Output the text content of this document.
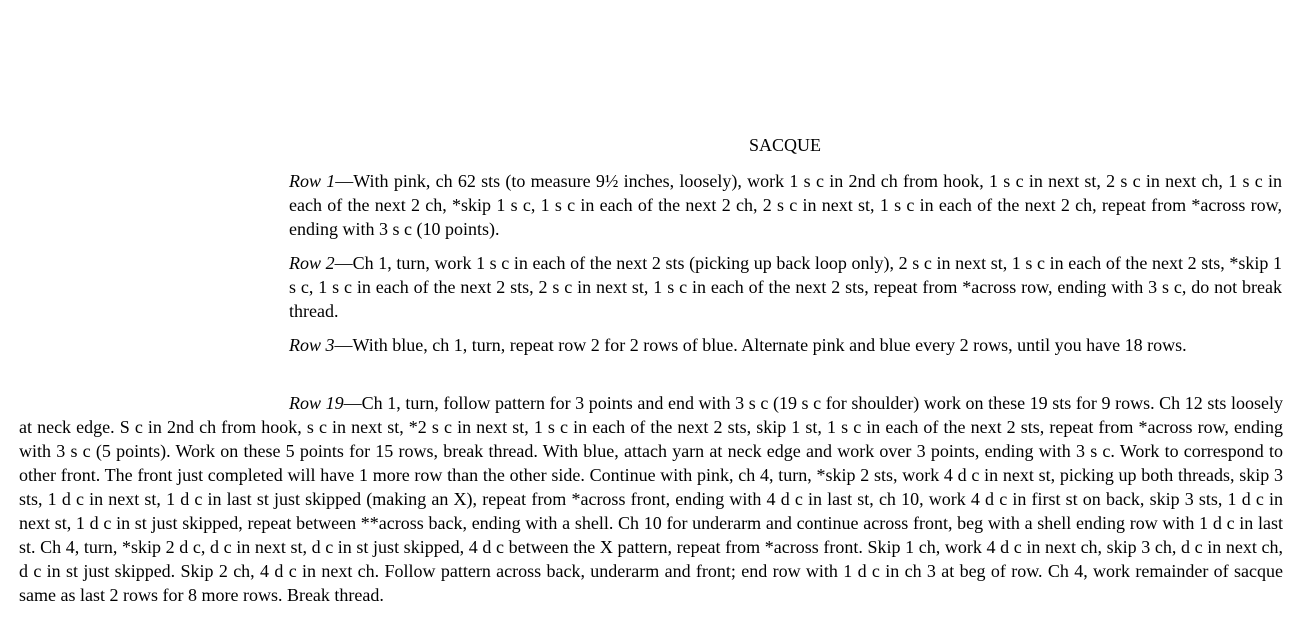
SACQUE

Row 1—With pink, ch 62 sts (to measure 9½ inches, loosely), work 1 s c in 2nd ch from hook, 1 s c in next st, 2 s c in next ch, 1 s c in each of the next 2 ch, *skip 1 s c, 1 s c in each of the next 2 ch, 2 s c in next st, 1 s c in each of the next 2 ch, repeat from *across row, ending with 3 s c (10 points).

Row 2—Ch 1, turn, work 1 s c in each of the next 2 sts (picking up back loop only), 2 s c in next st, 1 s c in each of the next 2 sts, *skip 1 s c, 1 s c in each of the next 2 sts, 2 s c in next st, 1 s c in each of the next 2 sts, repeat from *across row, ending with 3 s c, do not break thread.

Row 3—With blue, ch 1, turn, repeat row 2 for 2 rows of blue. Alternate pink and blue every 2 rows, until you have 18 rows.

Row 19—Ch 1, turn, follow pattern for 3 points and end with 3 s c (19 s c for shoulder) work on these 19 sts for 9 rows. Ch 12 sts loosely at neck edge. S c in 2nd ch from hook, s c in next st, *2 s c in next st, 1 s c in each of the next 2 sts, skip 1 st, 1 s c in each of the next 2 sts, repeat from *across row, ending with 3 s c (5 points). Work on these 5 points for 15 rows, break thread. With blue, attach yarn at neck edge and work over 3 points, ending with 3 s c. Work to correspond to other front. The front just completed will have 1 more row than the other side. Continue with pink, ch 4, turn, *skip 2 sts, work 4 d c in next st, picking up both threads, skip 3 sts, 1 d c in next st, 1 d c in last st just skipped (making an X), repeat from *across front, ending with 4 d c in last st, ch 10, work 4 d c in first st on back, skip 3 sts, 1 d c in next st, 1 d c in st just skipped, repeat between **across back, ending with a shell. Ch 10 for underarm and continue across front, beg with a shell ending row with 1 d c in last st. Ch 4, turn, *skip 2 d c, d c in next st, d c in st just skipped, 4 d c between the X pattern, repeat from *across front. Skip 1 ch, work 4 d c in next ch, skip 3 ch, d c in next ch, d c in st just skipped. Skip 2 ch, 4 d c in next ch. Follow pattern across back, underarm and front; end row with 1 d c in ch 3 at beg of row. Ch 4, work remainder of sacque same as last 2 rows for 8 more rows. Break thread.
